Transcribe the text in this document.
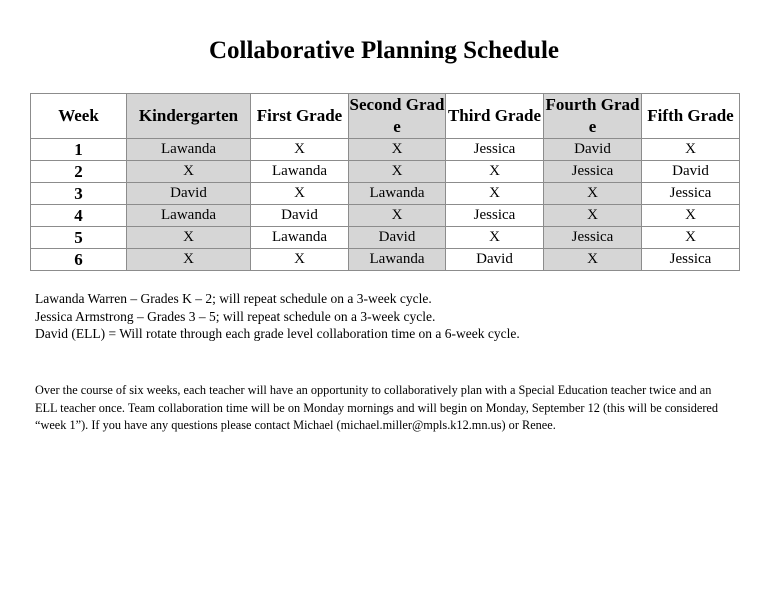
Collaborative Planning Schedule
Week	Kindergarten	First Grade	Second Grade	Third Grade	Fourth Grade	Fifth Grade
1	Lawanda	X	X	Jessica	David	X
2	X	Lawanda	X	X	Jessica	David
3	David	X	Lawanda	X	X	Jessica
4	Lawanda	David	X	Jessica	X	X
5	X	Lawanda	David	X	Jessica	X
6	X	X	Lawanda	David	X	Jessica
Lawanda Warren – Grades K – 2; will repeat schedule on a 3-week cycle.
Jessica Armstrong – Grades 3 – 5; will repeat schedule on a 3-week cycle.
David (ELL) = Will rotate through each grade level collaboration time on a 6-week cycle.
Over the course of six weeks, each teacher will have an opportunity to collaboratively plan with a Special Education teacher twice and an ELL teacher once. Team collaboration time will be on Monday mornings and will begin on Monday, September 12 (this will be considered “week 1”). If you have any questions please contact Michael (michael.miller@mpls.k12.mn.us) or Renee.
